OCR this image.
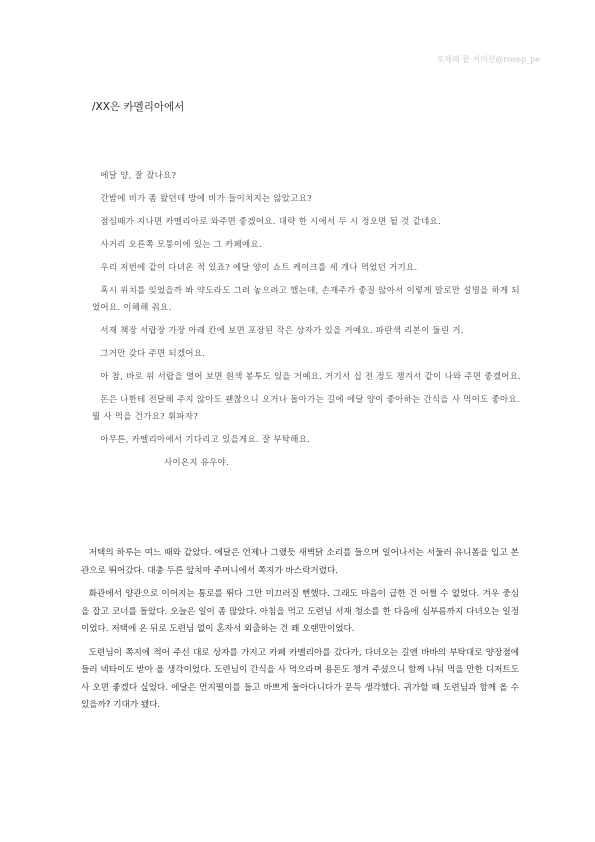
로제페 끝 커미션@rosep_pe
/XX은 카멜리아에서

에달 양, 잘 잤나요?

간밤에 비가 좀 왔던데 방에 비가 들이치지는 않았고요?

점심때가 지나면 카멜리아로 와주면 좋겠어요. 대략 한 시에서 두 시 정오면 될 것 같네요.

사거리 오른쪽 모퉁이에 있는 그 카페예요.

우리 저번에 같이 다녀온 적 있죠? 에달 양이 쇼트 케이크를 세 개나 먹었던 거기요.

혹시 위치를 잊었을까 봐 약도라도 그려 놓으려고 했는데, 손재주가 좋질 않아서 이렇게 말로만 설명을 하게 되었어요. 이해해 줘요.

서재 책장 서랍장 가장 아래 칸에 보면 포장된 작은 상자가 있을 거예요. 파란색 리본이 둘린 거.

그거만 갖다 주면 되겠어요.

아 참, 바로 위 서랍을 열어 보면 흰색 봉투도 있을 거예요. 거기서 십 전 정도 챙겨서 같이 나와 주면 좋겠어요.

돈은 나한테 전달해 주지 않아도 괜찮으니 오거나 돌아가는 길에 에달 양이 좋아하는 간식을 사 먹어도 좋아요. 뭘 사 먹을 건가요? 휘파자?

아무튼, 카멜리아에서 기다리고 있을게요. 잘 부탁해요.

사이온지 유우야.

저택의 하루는 여느 때와 같았다. 에달은 언제나 그랬듯 새벽닭 소리를 들으며 일어나서는 서둘러 유니폼을 입고 본관으로 뛰어갔다. 대충 두른 앞치마 주머니에서 쪽지가 바스락거렸다.

화관에서 양관으로 이어지는 통로를 뛰다 그만 미끄러질 뻔했다. 그래도 마음이 급한 건 어쩔 수 없었다. 겨우 중심을 잡고 코너를 돌았다. 오늘은 일이 좀 많았다. 아침을 먹고 도련님 서재 청소를 한 다음에 심부름까지 다녀오는 일정이었다. 저택에 온 뒤로 도련님 없이 혼자서 외출하는 건 꽤 오랜만이었다.

도련님이 쪽지에 적어 주신 대로 상자를 가지고 카페 카멜리아를 갔다가, 다녀오는 길엔 바바의 부탁대로 양장점에 들러 넥타이도 받아 올 생각이었다. 도련님이 간식을 사 먹으라며 용돈도 챙겨 주셨으니 함께 나눠 먹을 만한 디저트도 사 오면 좋겠다 싶었다. 에달은 먼지떨이를 들고 바쁘게 돌아다니다가 문득 생각했다. 귀가할 때 도련님과 함께 올 수 있을까? 기대가 됐다.
